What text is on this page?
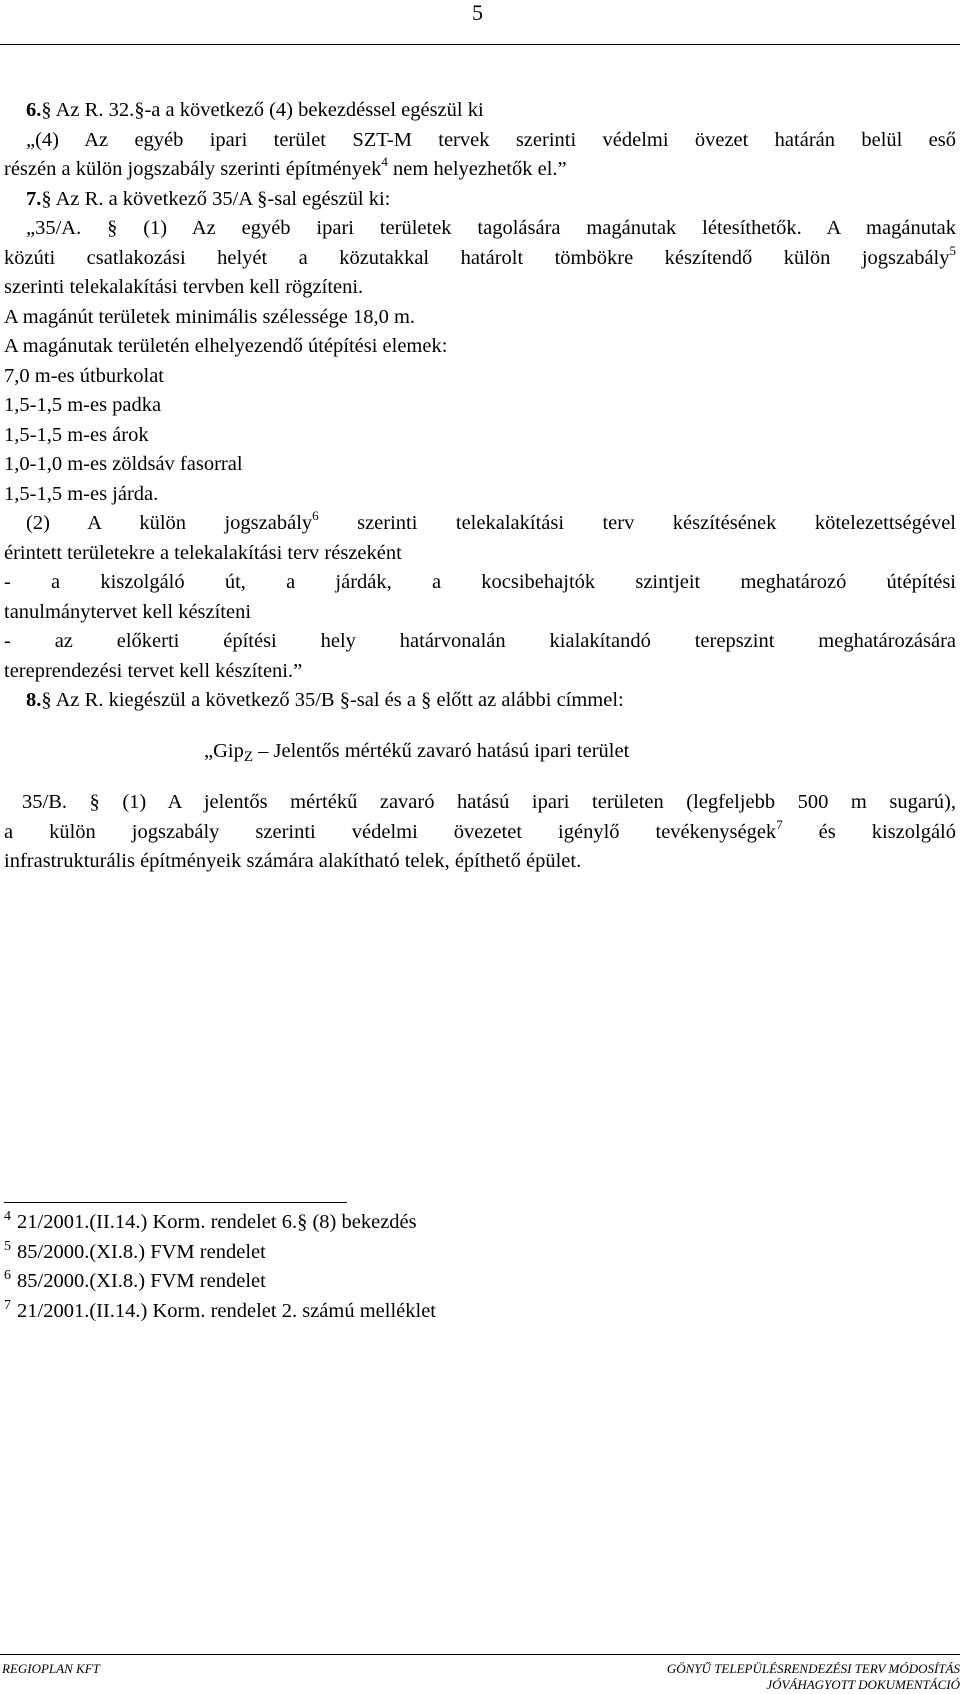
5

6.§ Az R. 32.§-a a következő (4) bekezdéssel egészül ki

„(4) Az egyéb ipari terület SZT-M tervek szerinti védelmi övezet határán belül eső

részén a külön jogszabály szerinti építmények$^4$ nem helyezhetők el.”

7.§ Az R. a következő 35/A §-sal egészül ki:

„35/A. § (1) Az egyéb ipari területek tagolására magánutak létesíthetők. A magánutak

közúti csatlakozási helyét a közutakkal határolt tömbökre készítendő külön jogszabály$^5$

szerinti telekalakítási tervben kell rögzíteni.

A magánút területek minimális szélessége 18,0 m.

A magánutak területén elhelyezendő útépítési elemek:

7,0 m-es útburkolat

1,5-1,5 m-es padka

1,5-1,5 m-es árok

1,0-1,0 m-es zöldsáv fasorral

1,5-1,5 m-es járda.

(2) A külön jogszabály$^6$ szerinti telekalakítási terv készítésének kötelezettségével

érintett területekre a telekalakítási terv részeként

- a kiszolgáló út, a járdák, a kocsibehajtók szintjeit meghatározó útépítési

tanulmánytervet kell készíteni

- az előkerti építési hely határvonalán kialakítandó terepszint meghatározására

tereprendezési tervet kell készíteni.”

8.§ Az R. kiegészül a következő 35/B §-sal és a § előtt az alábbi címmel:

„Gip$_Z$ – Jelentős mértékű zavaró hatású ipari terület

35/B. § (1) A jelentős mértékű zavaró hatású ipari területen (legfeljebb 500 m sugarú),

a külön jogszabály szerinti védelmi övezetet igénylő tevékenységek$^7$ és kiszolgáló

infrastrukturális építményeik számára alakítható telek, építhető épület.

$^4$ 21/2001.(II.14.) Korm. rendelet 6.§ (8) bekezdés

$^5$ 85/2000.(XI.8.) FVM rendelet

$^6$ 85/2000.(XI.8.) FVM rendelet

$^7$ 21/2001.(II.14.) Korm. rendelet 2. számú melléklet

REGIOPLAN KFT	GÖNYŰ TELEPÜLÉSRENDEZÉSI TERV MÓDOSÍTÁS
JÓVÁHAGYOTT DOKUMENTÁCIÓ
